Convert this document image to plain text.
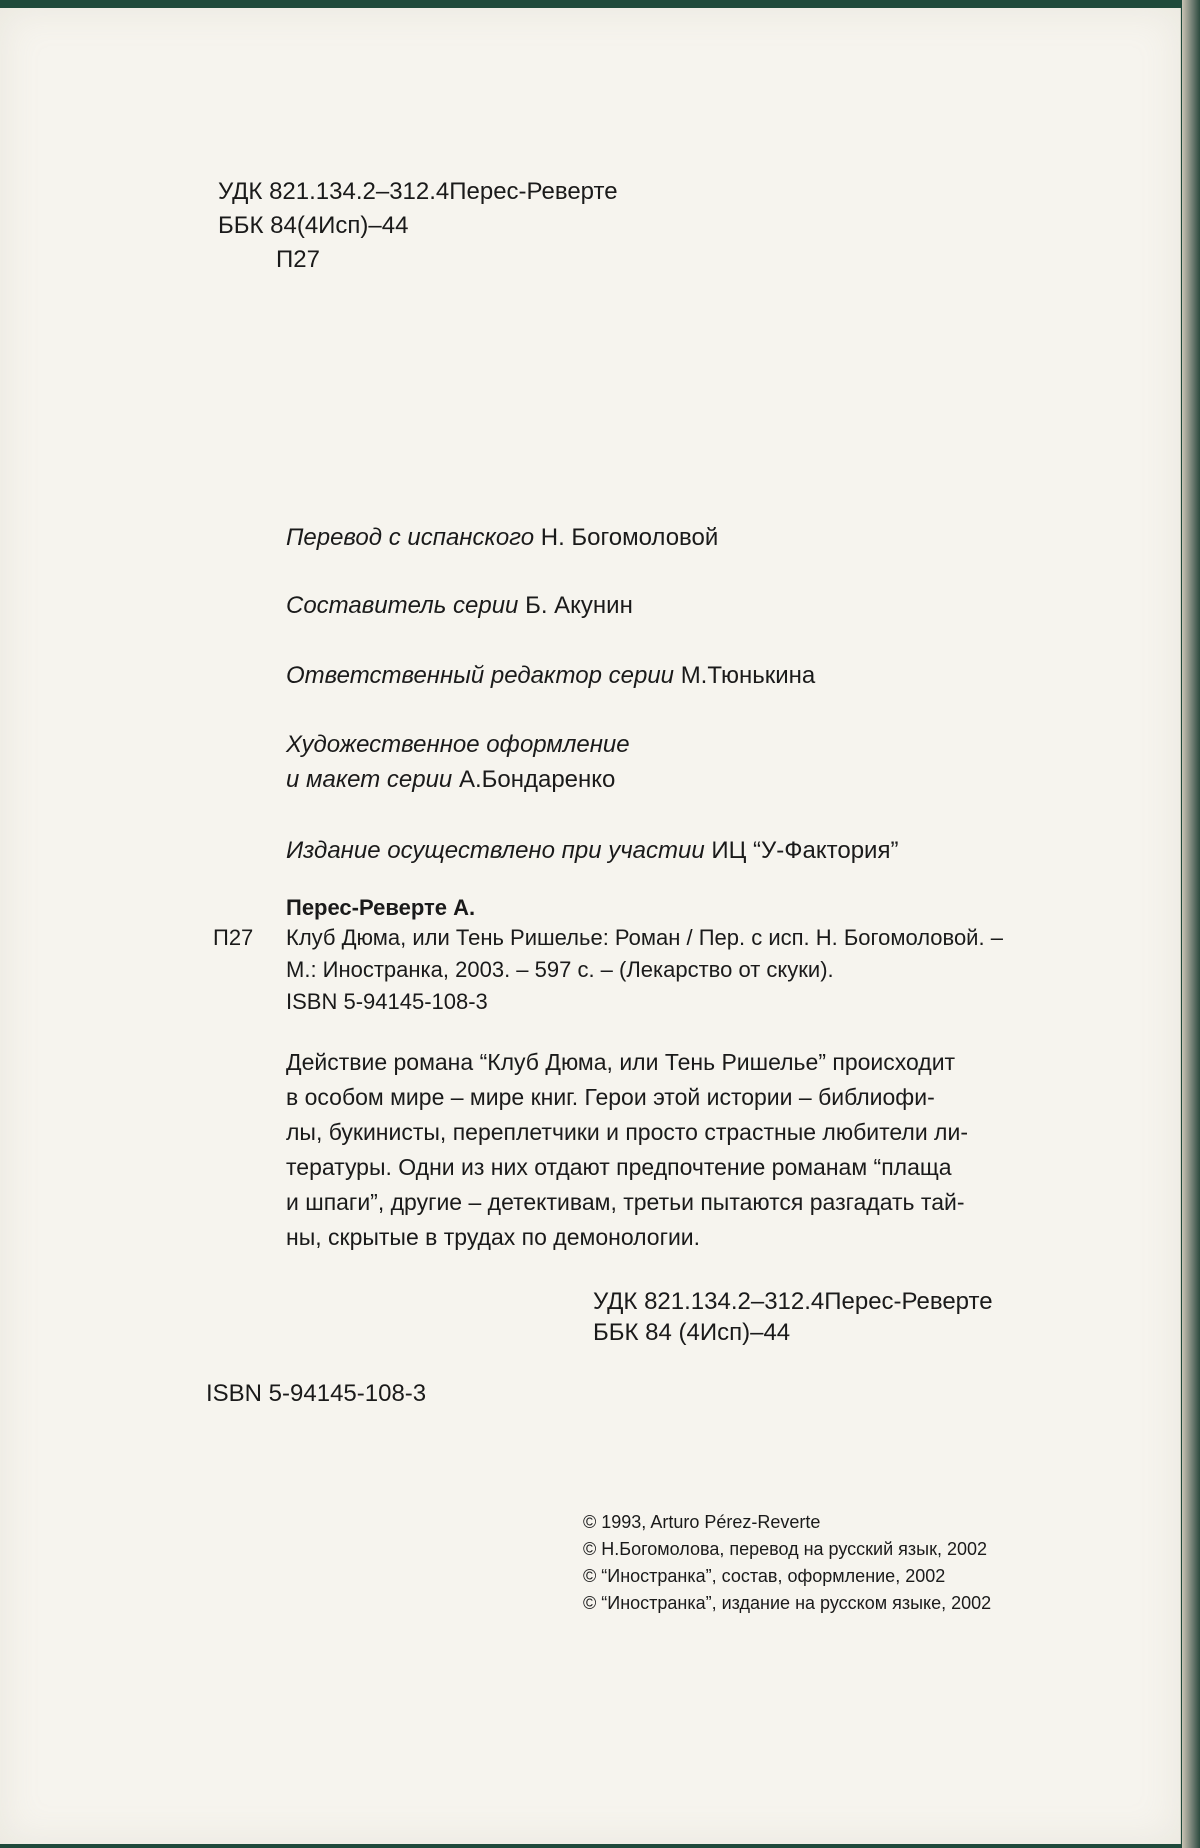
УДК 821.134.2–312.4Перес-Реверте
ББК 84(4Исп)–44
П27
Перевод с испанского Н. Богомоловой
Составитель серии Б. Акунин
Ответственный редактор серии М.Тюнькина
Художественное оформление
и макет серии А.Бондаренко
Издание осуществлено при участии ИЦ “У-Фактория”
Перес-Реверте А.
П27 Клуб Дюма, или Тень Ришелье: Роман / Пер. с исп. Н. Богомоловой. –
М.: Иностранка, 2003. – 597 с. – (Лекарство от скуки).
ISBN 5-94145-108-3
Действие романа “Клуб Дюма, или Тень Ришелье” происходит
в особом мире – мире книг. Герои этой истории – библиофи-
лы, букинисты, переплетчики и просто страстные любители ли-
тературы. Одни из них отдают предпочтение романам “плаща
и шпаги”, другие – детективам, третьи пытаются разгадать тай-
ны, скрытые в трудах по демонологии.
УДК 821.134.2–312.4Перес-Реверте
ББК 84 (4Исп)–44
ISBN 5-94145-108-3
© 1993, Arturo Pérez-Reverte
© Н.Богомолова, перевод на русский язык, 2002
© “Иностранка”, состав, оформление, 2002
© “Иностранка”, издание на русском языке, 2002
